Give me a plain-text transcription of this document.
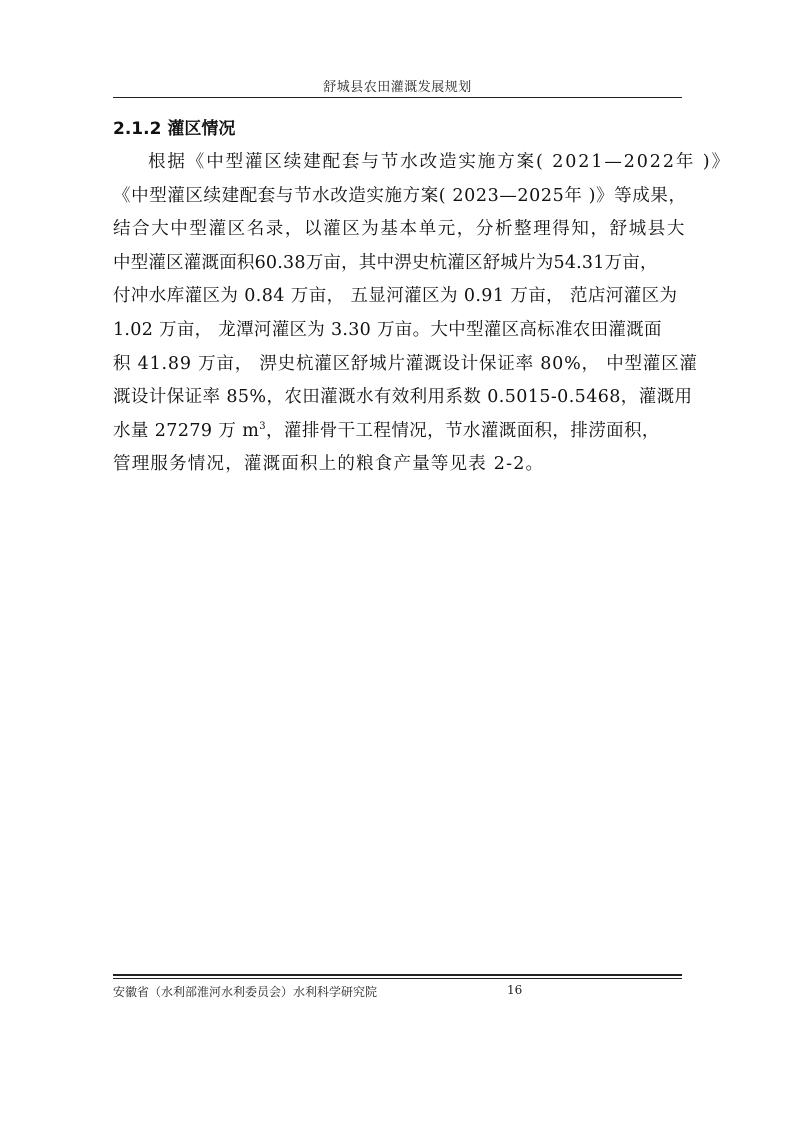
舒城县农田灌溉发展规划
2.1.2 灌区情况
根据《中型灌区续建配套与节水改造实施方案( 2021—2022年 )》
《中型灌区续建配套与节水改造实施方案( 2023—2025年 )》等成果，
结合大中型灌区名录，以灌区为基本单元，分析整理得知，舒城县大
中型灌区灌溉面积60.38万亩，其中淠史杭灌区舒城片为54.31万亩，
付冲水库灌区为 0.84 万亩， 五显河灌区为 0.91 万亩， 范店河灌区为
1.02 万亩， 龙潭河灌区为 3.30 万亩。大中型灌区高标准农田灌溉面
积 41.89 万亩， 淠史杭灌区舒城片灌溉设计保证率 80%， 中型灌区灌
溉设计保证率 85%，农田灌溉水有效利用系数 0.5015-0.5468，灌溉用
水量 27279 万 $m^3$，灌排骨干工程情况，节水灌溉面积，排涝面积，
管理服务情况，灌溉面积上的粮食产量等见表 2-2。
安徽省（水利部淮河水利委员会）水利科学研究院	16
